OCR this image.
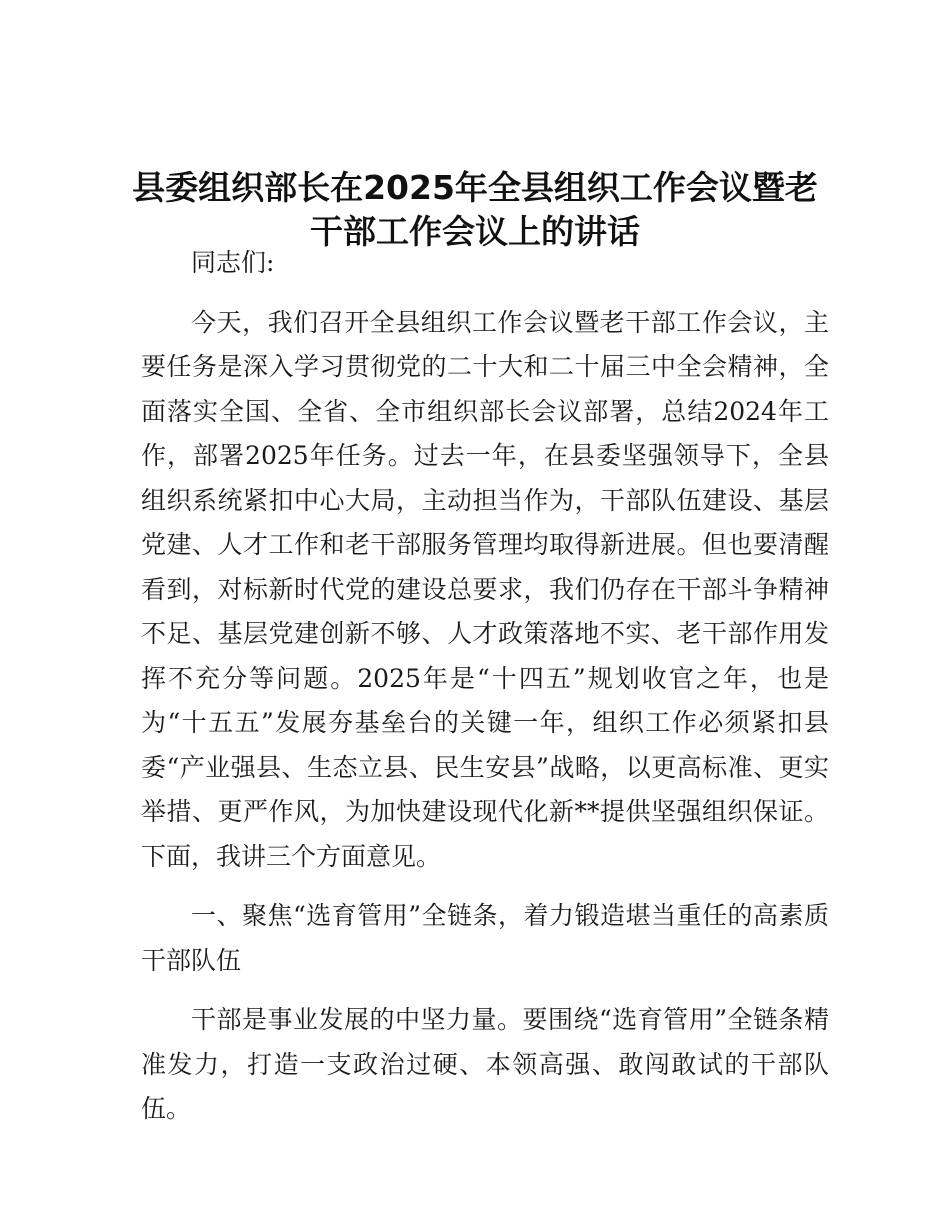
县委组织部长在2025年全县组织工作会议暨老
干部工作会议上的讲话

同志们:

今天，我们召开全县组织工作会议暨老干部工作会议，主要任务是深入学习贯彻党的二十大和二十届三中全会精神，全面落实全国、全省、全市组织部长会议部署，总结2024年工作，部署2025年任务。过去一年，在县委坚强领导下，全县组织系统紧扣中心大局，主动担当作为，干部队伍建设、基层党建、人才工作和老干部服务管理均取得新进展。但也要清醒看到，对标新时代党的建设总要求，我们仍存在干部斗争精神不足、基层党建创新不够、人才政策落地不实、老干部作用发挥不充分等问题。2025年是“十四五”规划收官之年，也是为“十五五”发展夯基垒台的关键一年，组织工作必须紧扣县委“产业强县、生态立县、民生安县”战略，以更高标准、更实举措、更严作风，为加快建设现代化新**提供坚强组织保证。下面，我讲三个方面意见。

一、聚焦“选育管用”全链条，着力锻造堪当重任的高素质干部队伍

干部是事业发展的中坚力量。要围绕“选育管用”全链条精准发力，打造一支政治过硬、本领高强、敢闯敢试的干部队伍。
